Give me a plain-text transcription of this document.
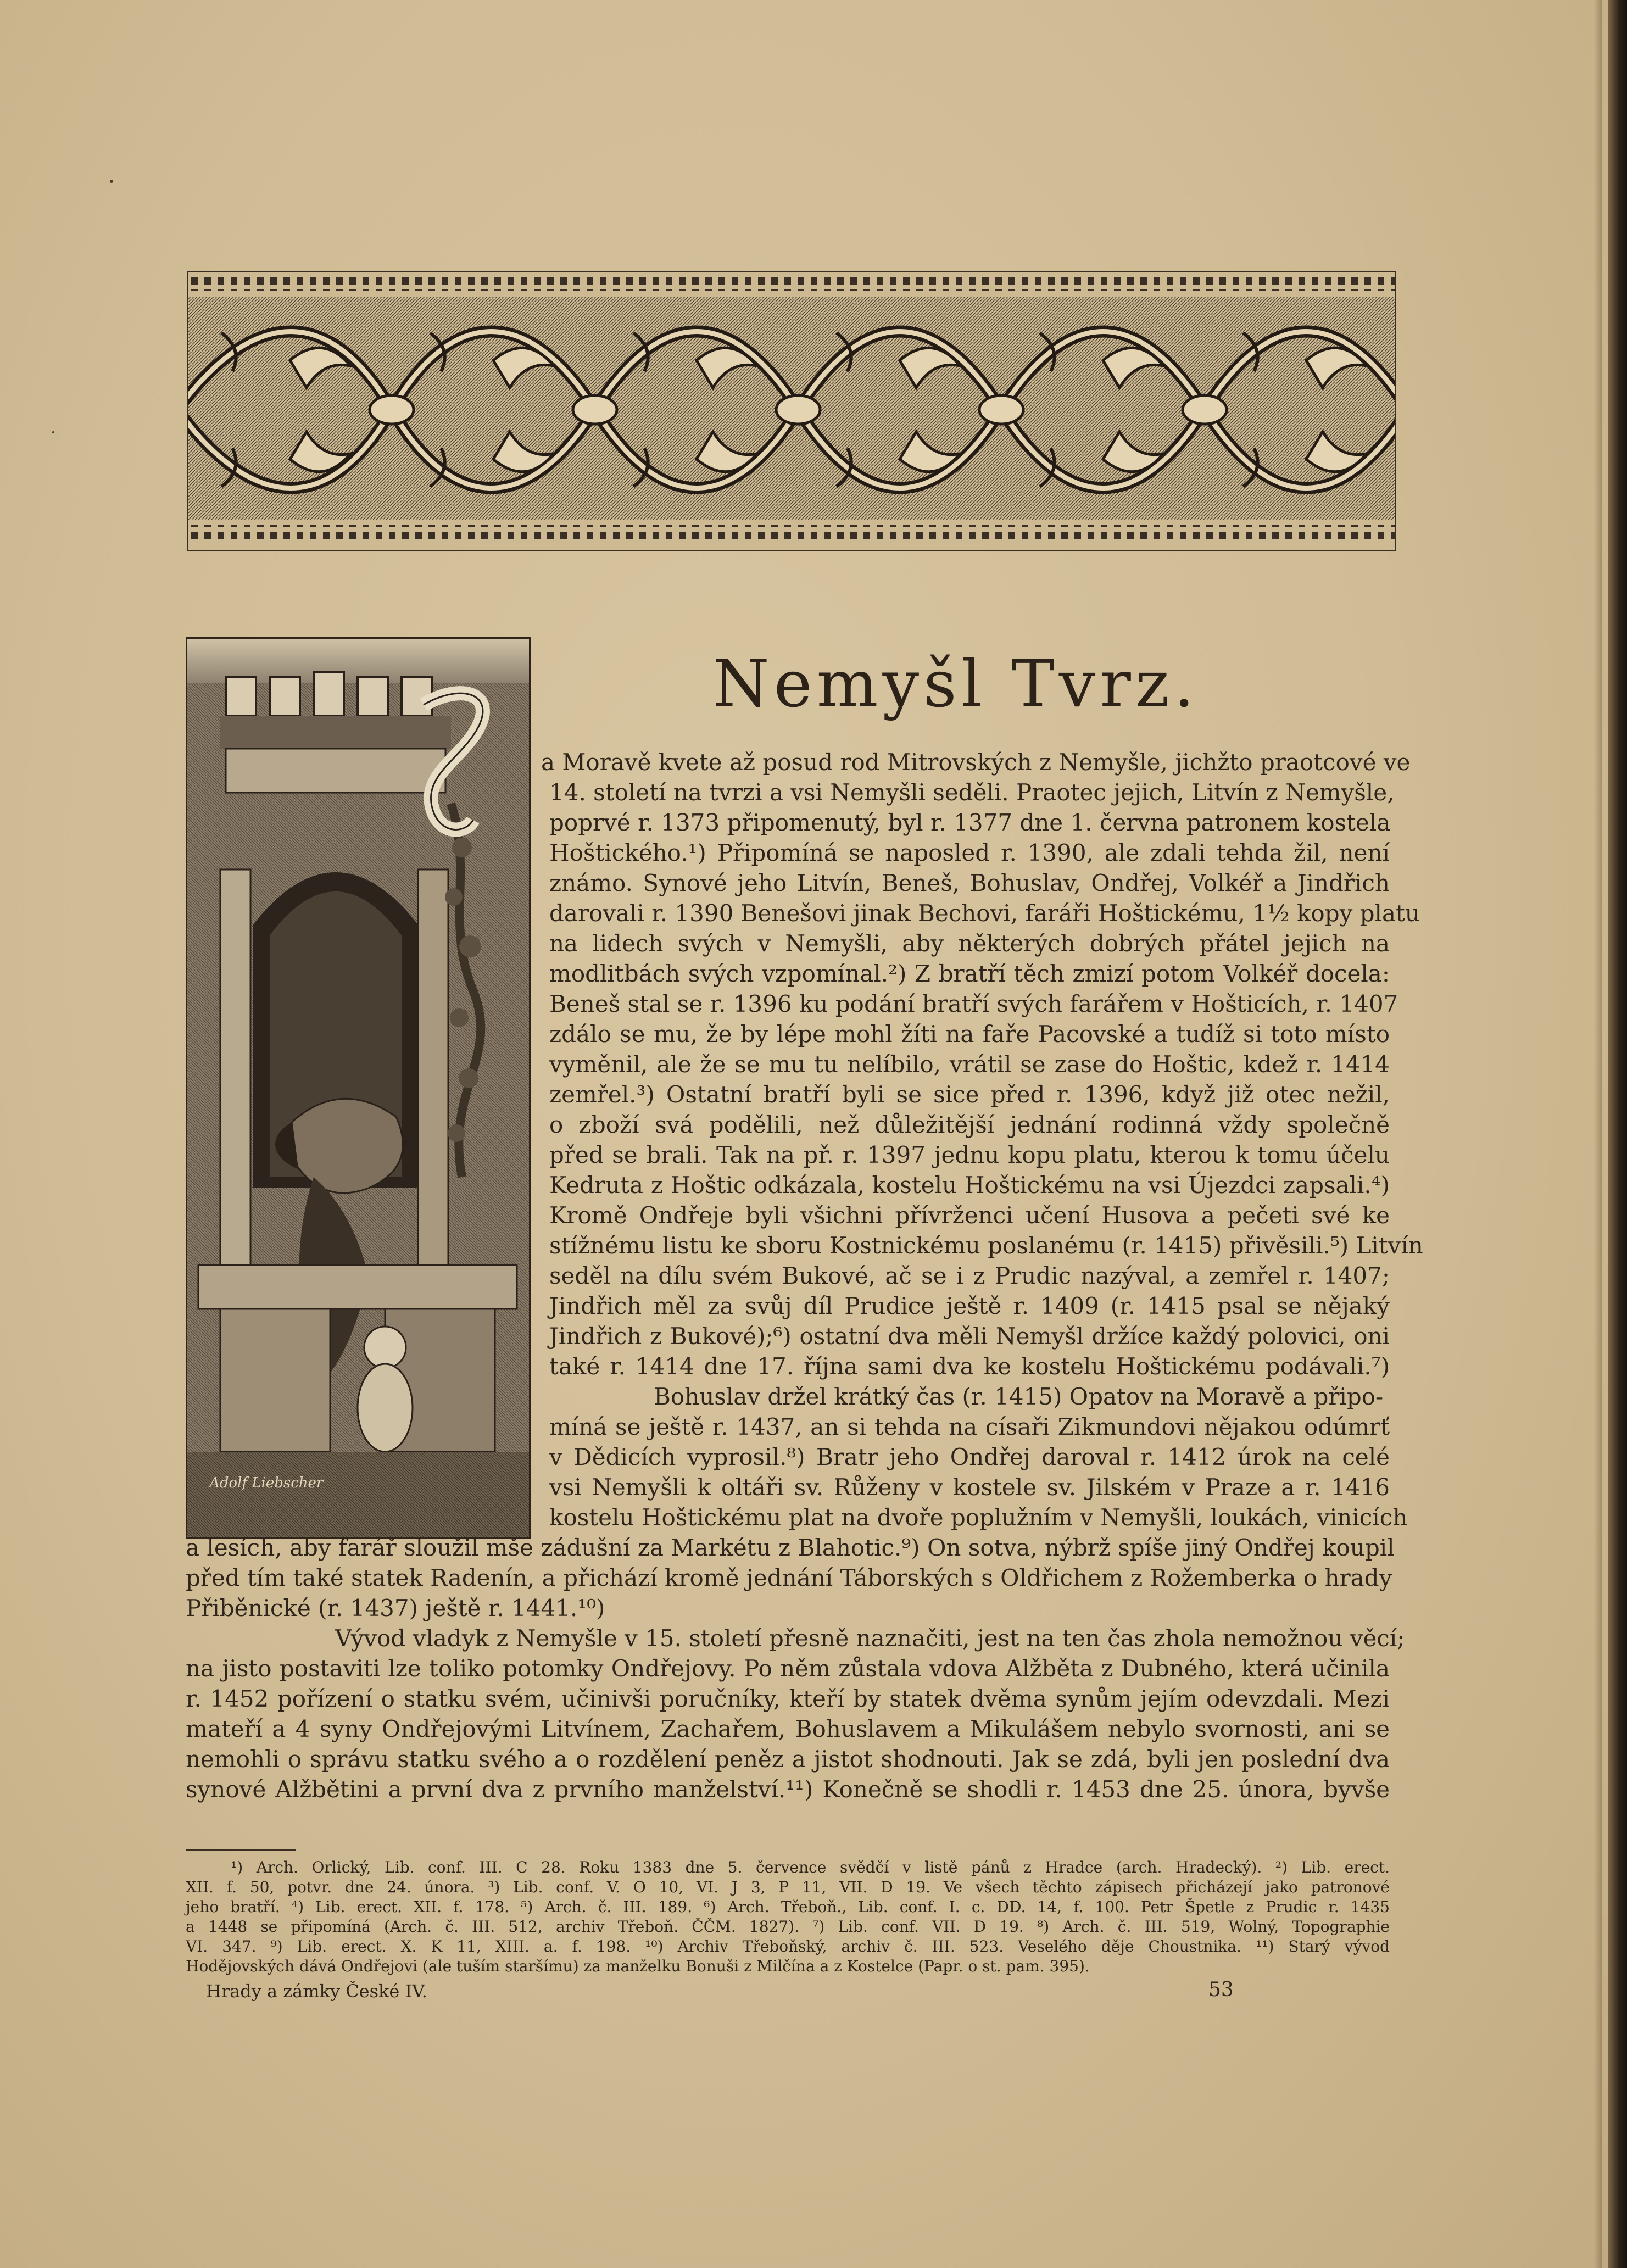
Adolf Liebscher
Nemyšl Tvrz.
a Moravě kvete až posud rod Mitrovských z Nemyšle, jichžto praotcové ve
14. století na tvrzi a vsi Nemyšli seděli. Praotec jejich, Litvín z Nemyšle,
poprvé r. 1373 připomenutý, byl r. 1377 dne 1. června patronem kostela
Hoštického.¹) Připomíná se naposled r. 1390, ale zdali tehda žil, není
známo. Synové jeho Litvín, Beneš, Bohuslav, Ondřej, Volkéř a Jindřich
darovali r. 1390 Benešovi jinak Bechovi, faráři Hoštickému, 1½ kopy platu
na lidech svých v Nemyšli, aby některých dobrých přátel jejich na
modlitbách svých vzpomínal.²) Z bratří těch zmizí potom Volkéř docela:
Beneš stal se r. 1396 ku podání bratří svých farářem v Hošticích, r. 1407
zdálo se mu, že by lépe mohl žíti na faře Pacovské a tudíž si toto místo
vyměnil, ale že se mu tu nelíbilo, vrátil se zase do Hoštic, kdež r. 1414
zemřel.³) Ostatní bratří byli se sice před r. 1396, když již otec nežil,
o zboží svá podělili, než důležitější jednání rodinná vždy společně
před se brali. Tak na př. r. 1397 jednu kopu platu, kterou k tomu účelu
Kedruta z Hoštic odkázala, kostelu Hoštickému na vsi Újezdci zapsali.⁴)
Kromě Ondřeje byli všichni přívrženci učení Husova a pečeti své ke
stížnému listu ke sboru Kostnickému poslanému (r. 1415) přivěsili.⁵) Litvín
seděl na dílu svém Bukové, ač se i z Prudic nazýval, a zemřel r. 1407;
Jindřich měl za svůj díl Prudice ještě r. 1409 (r. 1415 psal se nějaký
Jindřich z Bukové);⁶) ostatní dva měli Nemyšl držíce každý polovici, oni
také r. 1414 dne 17. října sami dva ke kostelu Hoštickému podávali.⁷)
Bohuslav držel krátký čas (r. 1415) Opatov na Moravě a připo-
míná se ještě r. 1437, an si tehda na císaři Zikmundovi nějakou odúmrť
v Dědicích vyprosil.⁸) Bratr jeho Ondřej daroval r. 1412 úrok na celé
vsi Nemyšli k oltáři sv. Růženy v kostele sv. Jilském v Praze a r. 1416
kostelu Hoštickému plat na dvoře poplužním v Nemyšli, loukách, vinicích
a lesích, aby farář sloužil mše zádušní za Markétu z Blahotic.⁹) On sotva, nýbrž spíše jiný Ondřej koupil
před tím také statek Radenín, a přichází kromě jednání Táborských s Oldřichem z Rožemberka o hrady
Přiběnické (r. 1437) ještě r. 1441.¹⁰)
Vývod vladyk z Nemyšle v 15. století přesně naznačiti, jest na ten čas zhola nemožnou věcí;
na jisto postaviti lze toliko potomky Ondřejovy. Po něm zůstala vdova Alžběta z Dubného, která učinila
r. 1452 pořízení o statku svém, učinivši poručníky, kteří by statek dvěma synům jejím odevzdali. Mezi
mateří a 4 syny Ondřejovými Litvínem, Zachařem, Bohuslavem a Mikulášem nebylo svornosti, ani se
nemohli o správu statku svého a o rozdělení peněz a jistot shodnouti. Jak se zdá, byli jen poslední dva
synové Alžbětini a první dva z prvního manželství.¹¹) Konečně se shodli r. 1453 dne 25. února, byvše
¹) Arch. Orlický, Lib. conf. III. C 28. Roku 1383 dne 5. července svědčí v listě pánů z Hradce (arch. Hradecký). ²) Lib. erect.
XII. f. 50, potvr. dne 24. února. ³) Lib. conf. V. O 10, VI. J 3, P 11, VII. D 19. Ve všech těchto zápisech přicházejí jako patronové
jeho bratří. ⁴) Lib. erect. XII. f. 178. ⁵) Arch. č. III. 189. ⁶) Arch. Třeboň., Lib. conf. I. c. DD. 14, f. 100. Petr Špetle z Prudic r. 1435
a 1448 se připomíná (Arch. č. III. 512, archiv Třeboň. ČČM. 1827). ⁷) Lib. conf. VII. D 19. ⁸) Arch. č. III. 519, Wolný, Topographie
VI. 347. ⁹) Lib. erect. X. K 11, XIII. a. f. 198. ¹⁰) Archiv Třeboňský, archiv č. III. 523. Veselého děje Choustnika. ¹¹) Starý vývod
Hodějovských dává Ondřejovi (ale tuším staršímu) za manželku Bonuši z Milčína a z Kostelce (Papr. o st. pam. 395).
Hrady a zámky České IV.	53
